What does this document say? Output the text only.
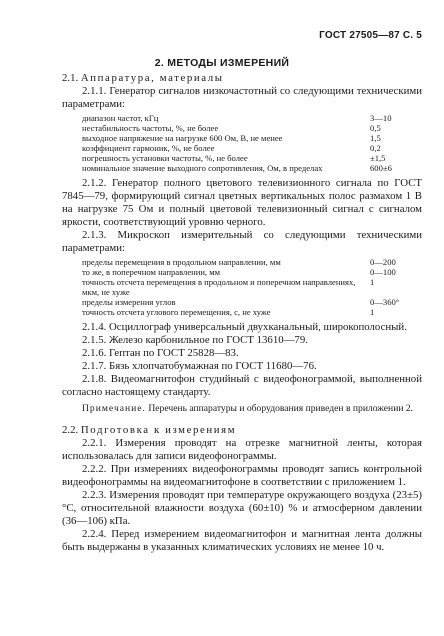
ГОСТ 27505—87 С. 5
2. МЕТОДЫ ИЗМЕРЕНИЙ

2.1. Аппаратура, материалы

2.1.1. Генератор сигналов низкочастотный со следующими техническими параметрами:

диапазон частот, кГц	3—10
нестабильность частоты, %, не более	0,5
выходное напряжение на нагрузке 600 Ом, В, не менее	1,5
коэффициент гармоник, %, не более	0,2
погрешность установки частоты, %, не более	±1,5
номинальное значение выходного сопротивления, Ом, в пределах	600±6

2.1.2. Генератор полного цветового телевизионного сигнала по ГОСТ 7845—79, формирующий сигнал цветных вертикальных полос размахом 1 В на нагрузке 75 Ом и полный цветовой телевизионный сигнал с сигналом яркости, соответствующий уровню черного.

2.1.3. Микроскоп измерительный со следующими техническими параметрами:

пределы перемещения в продольном направлении, мм	0—200
то же, в поперечном направлении, мм	0—100
точность отсчета перемещения в продольном и поперечном направлениях, мкм, не хуже	1
пределы измерения углов	0—360°
точность отсчета углового перемещения, с, не хуже	1

2.1.4. Осциллограф универсальный двухканальный, широкополосный.

2.1.5. Железо карбонильное по ГОСТ 13610—79.

2.1.6. Гептан по ГОСТ 25828—83.

2.1.7. Бязь хлопчатобумажная по ГОСТ 11680—76.

2.1.8. Видеомагнитофон студийный с видеофонограммой, выполненной согласно настоящему стандарту.

Примечание. Перечень аппаратуры и оборудования приведен в приложении 2.

2.2. Подготовка к измерениям

2.2.1. Измерения проводят на отрезке магнитной ленты, которая использовалась для записи видеофонограммы.

2.2.2. При измерениях видеофонограммы проводят запись контрольной видеофонограммы на видеомагнитофоне в соответствии с приложением 1.

2.2.3. Измерения проводят при температуре окружающего воздуха (23±5) °С, относительной влажности воздуха (60±10) % и атмосферном давлении (36—106) кПа.

2.2.4. Перед измерением видеомагнитофон и магнитная лента должны быть выдержаны в указанных климатических условиях не менее 10 ч.
